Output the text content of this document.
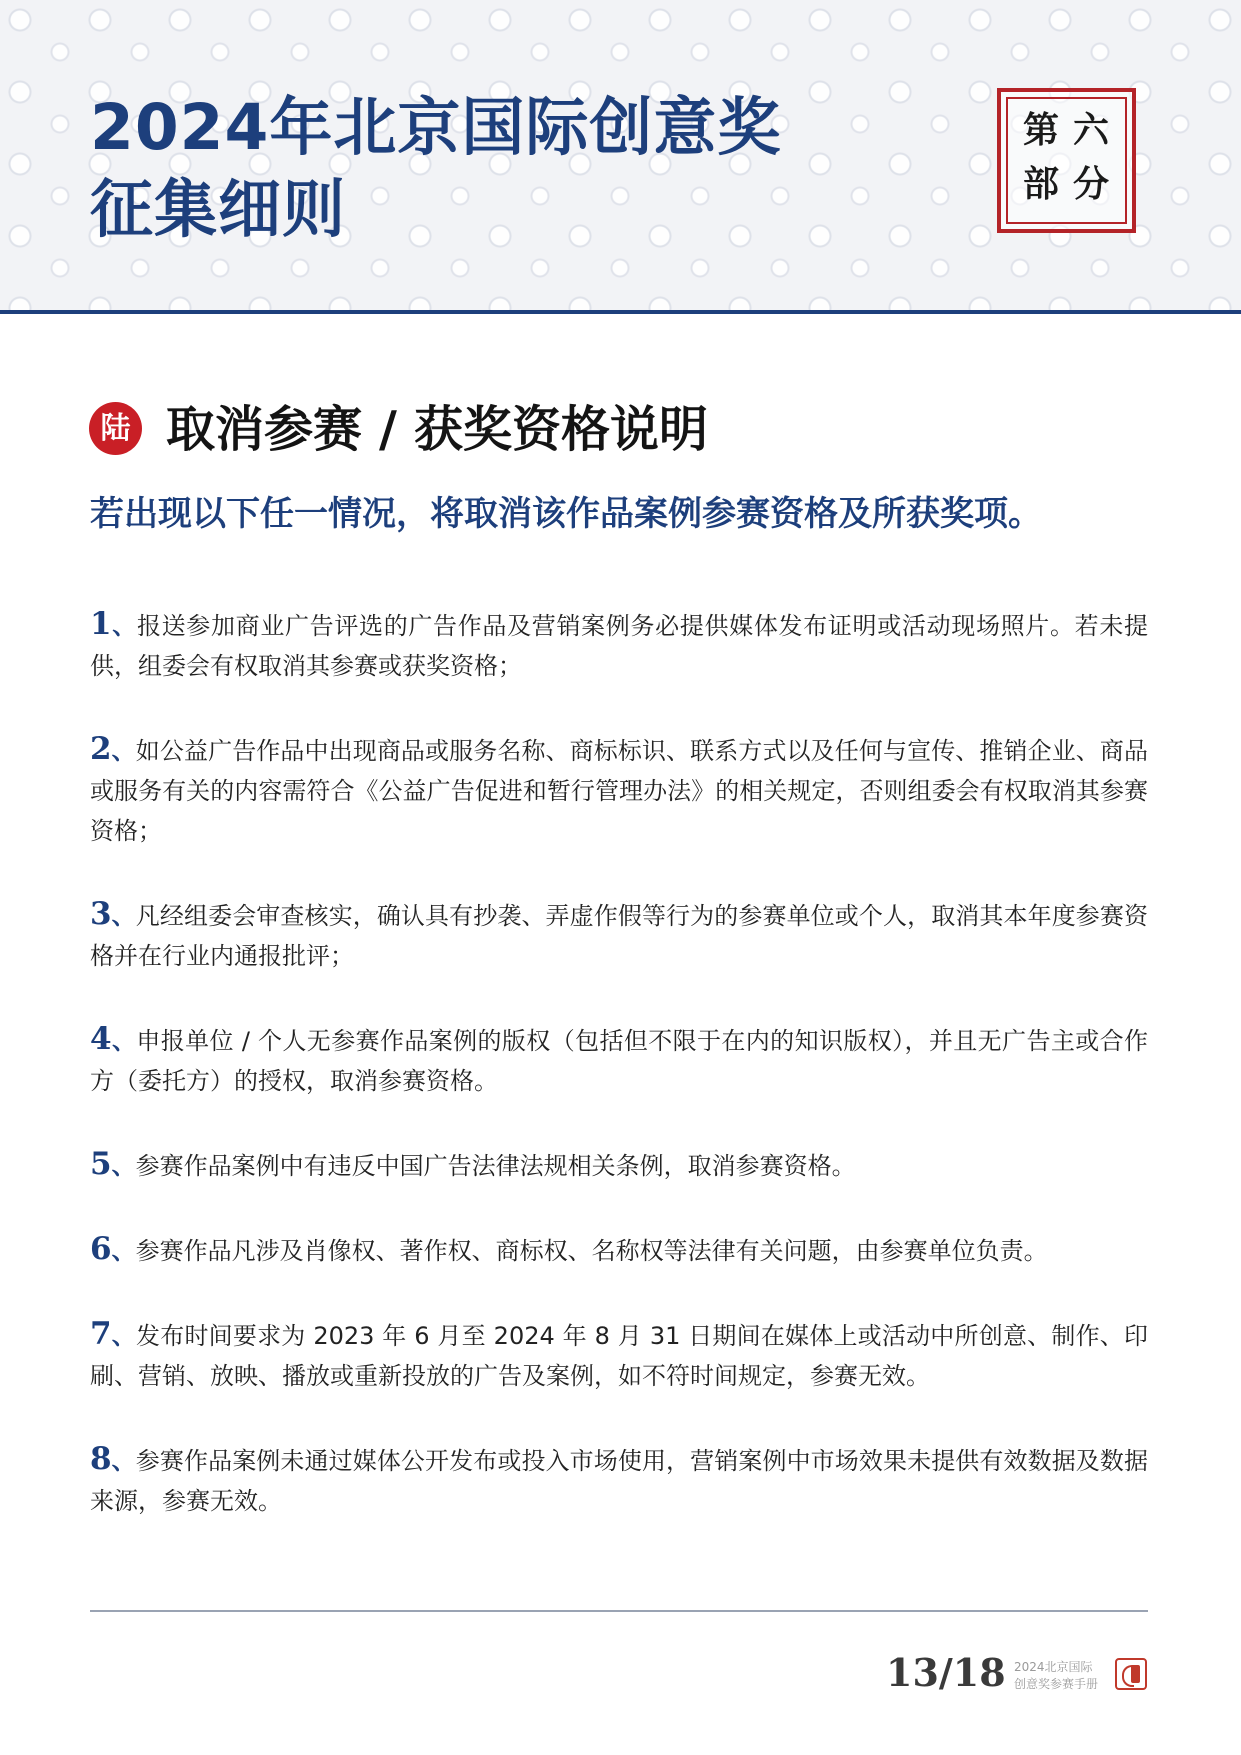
2024年北京国际创意奖
征集细则
第 六
部 分
陆 取消参赛 / 获奖资格说明
若出现以下任一情况，将取消该作品案例参赛资格及所获奖项。

1、报送参加商业广告评选的广告作品及营销案例务必提供媒体发布证明或活动现场照片。若未提供，组委会有权取消其参赛或获奖资格；

2、如公益广告作品中出现商品或服务名称、商标标识、联系方式以及任何与宣传、推销企业、商品或服务有关的内容需符合《公益广告促进和暂行管理办法》的相关规定，否则组委会有权取消其参赛资格；

3、凡经组委会审查核实，确认具有抄袭、弄虚作假等行为的参赛单位或个人，取消其本年度参赛资格并在行业内通报批评；

4、申报单位 / 个人无参赛作品案例的版权（包括但不限于在内的知识版权），并且无广告主或合作方（委托方）的授权，取消参赛资格。

5、参赛作品案例中有违反中国广告法律法规相关条例，取消参赛资格。

6、参赛作品凡涉及肖像权、著作权、商标权、名称权等法律有关问题，由参赛单位负责。

7、发布时间要求为 2023 年 6 月至 2024 年 8 月 31 日期间在媒体上或活动中所创意、制作、印刷、营销、放映、播放或重新投放的广告及案例，如不符时间规定，参赛无效。

8、参赛作品案例未通过媒体公开发布或投入市场使用，营销案例中市场效果未提供有效数据及数据来源，参赛无效。

13/18 2024北京国际
创意奖参赛手册
